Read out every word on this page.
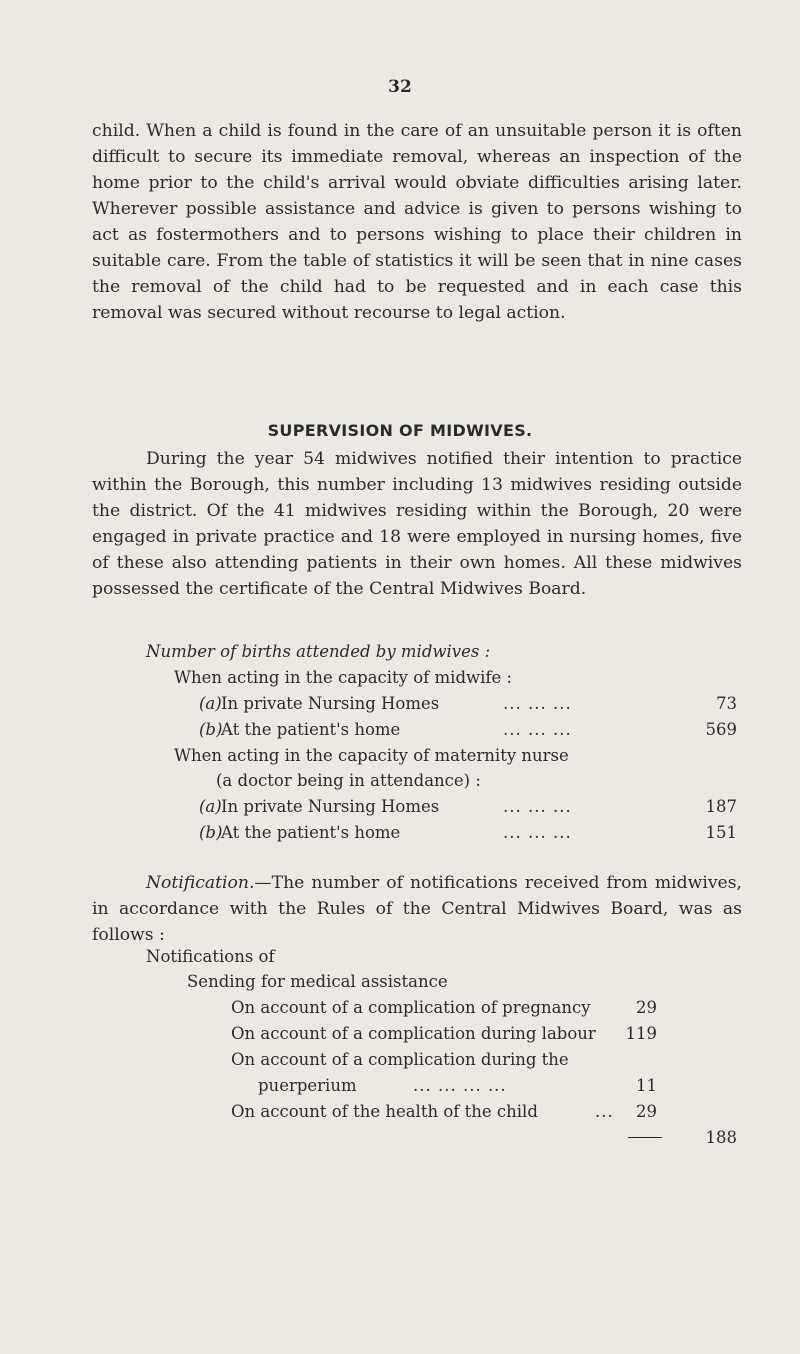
32
child. When a child is found in the care of an unsuitable person it is often difficult to secure its immediate removal, whereas an inspection of the home prior to the child's arrival would obviate difficulties arising later. Wherever possible assistance and advice is given to persons wishing to act as fostermothers and to persons wishing to place their children in suitable care. From the table of statistics it will be seen that in nine cases the removal of the child had to be requested and in each case this removal was secured without recourse to legal action.
SUPERVISION OF MIDWIVES.
During the year 54 midwives notified their intention to practice within the Borough, this number including 13 midwives residing outside the district. Of the 41 midwives residing within the Borough, 20 were engaged in private practice and 18 were employed in nursing homes, five of these also attending patients in their own homes. All these midwives possessed the certificate of the Central Midwives Board.
Number of births attended by midwives :
When acting in the capacity of midwife :
(a) In private Nursing Homes	... ... ...	73
(b)
At the patient's home	... ... ...	569
When acting in the capacity of maternity nurse
(a doctor being in attendance) :
(a) In private Nursing Homes	... ... ...	187
(b)
At the patient's home	... ... ...	151
Notification.—The number of notifications received from midwives, in accordance with the Rules of the Central Midwives Board, was as follows :
Notifications of
Sending for medical assistance
On account of a complication of pregnancy	29
On account of a complication during labour	119
On account of a complication during the
puerperium	... ... ... ...	11
On account of the health of the child	...	29
188
